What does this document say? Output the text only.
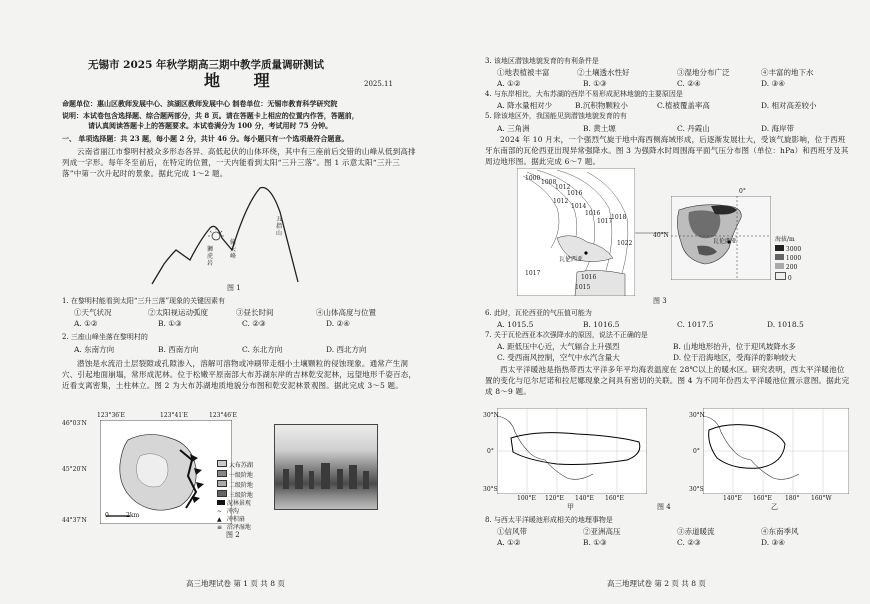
无锡市 2025 年秋学期高三期中教学质量调研测试
地 理	2025.11
命题单位：惠山区教师发展中心、滨湖区教师发展中心 制卷单位：无锡市教育科学研究院
说明：本试卷包含选择题、综合题两部分，共 8 页。请在答题卡上相应的位置内作答，答题前，
请认真阅读答题卡上的答题要求。本试卷满分为 100 分，考试用时 75 分钟。
一、 单项选择题：共 23 题，每小题 2 分，共计 46 分。每小题只有一个选项最符合题意。
云南省丽江市黎明村被众多形态各异、高低起伏的山体环绕，其中有三座前后交错的山峰从低到高排列成一字形。每年冬至前后，在特定的位置，一天内能看到太阳“三升三落”。图 1 示意太阳“三升三落”中第一次升起时的景象。据此完成 1～2 题。
狮虎岩
偷天峰
五指山
图 1
1. 在黎明村能看到太阳“三升三落”现象的关键因素有
①天气状况	②太阳视运动弧度	③昼长时间	④山体高度与位置
A. ①②	B. ①③	C. ②③	D. ②④
2. 三座山峰坐落在黎明村的
A. 东南方向	B. 西南方向	C. 东北方向	D. 西北方向
潜蚀是水流沿土层裂隙或孔隙渗入，溶解可溶物或冲刷带走细小土壤颗粒的侵蚀现象。通常产生洞穴、引起地面崩塌，常形成泥林。位于松嫩平原南部大布苏湖东岸的吉林乾安泥林，远望地形千姿百态，近看支离密集，土柱林立。图 2 为大布苏湖地质地貌分布图和乾安泥林景观图。据此完成 3～5 题。
123°36′E	123°41′E	123°46′E
46°03′N
45°20′N
44°37′N
0	2km
大布苏湖
一级阶地
二级阶地
三级阶地
泥林景观
~ 冲沟
▲ 冲积扇
≡ 沼泽湿地
图 2
高三地理试卷 第 1 页 共 8 页
3. 该地区潜蚀地貌发育的有利条件是
①地表植被丰富	②土壤透水性好	③湿地分布广泛	④丰富的地下水
A. ①②	B. ①③	C. ②④	D. ③④
4. 与东岸相比，大布苏湖的西岸不易形成泥林地貌的主要原因是
A. 降水量相对少	B.沉积物颗粒小	C.植被覆盖率高	D. 相对高差较小
5. 除该地区外，我国能见到潜蚀地貌发育的有
A. 三角洲	B. 黄土塬	C. 丹霞山	D. 海岸带
2024 年 10 月末，一个强烈气旋于地中海西侧海域形成，后逐渐发展壮大，受该气旋影响，位于西班牙东南部的瓦伦西亚出现异常强降水。图 3 为强降水时周围海平面气压分布图（单位：hPa）和西班牙及其周边地形图。据此完成 6～7 题。
1000
1008
1012
1016
1012
1014
1016
1017
1018
1022
1016
1017
1015
瓦伦西亚
0°
40°N
瓦伦西亚	海拔/m
3000
1000
200
0
图 3
6. 此时，瓦伦西亚的气压值可能为
A. 1015.5	B. 1016.5	C. 1017.5	D. 1018.5
7. 关于瓦伦西亚本次强降水的原因，说法不正确的是
A. 距低压中心近，大气辐合上升强烈	B. 山地地形抬升，位于迎风坡降水多
C. 受西南风控制，空气中水汽含量大	D. 位于沿海地区，受海洋的影响较大
西太平洋暖池是指热带西太平洋多年平均海表温度在 28℃以上的暖水区。研究表明，西太平洋暖池位置的变化与厄尔尼诺和拉尼娜现象之间具有密切的关联。图 4 为不同年份西太平洋暖池位置示意图。据此完成 8～9 题。
30°N
0°
30°S
30°N
0°
30°S
100°E 120°E 140°E 160°E	140°E 160°E 180° 160°W
甲	乙
图 4
8. 与西太平洋暖池形成相关的地理事物是
①信风带	②亚洲高压	③赤道暖流	④东南季风
A. ①②	B. ①③	C. ②③	D. ③④
高三地理试卷 第 2 页 共 8 页
